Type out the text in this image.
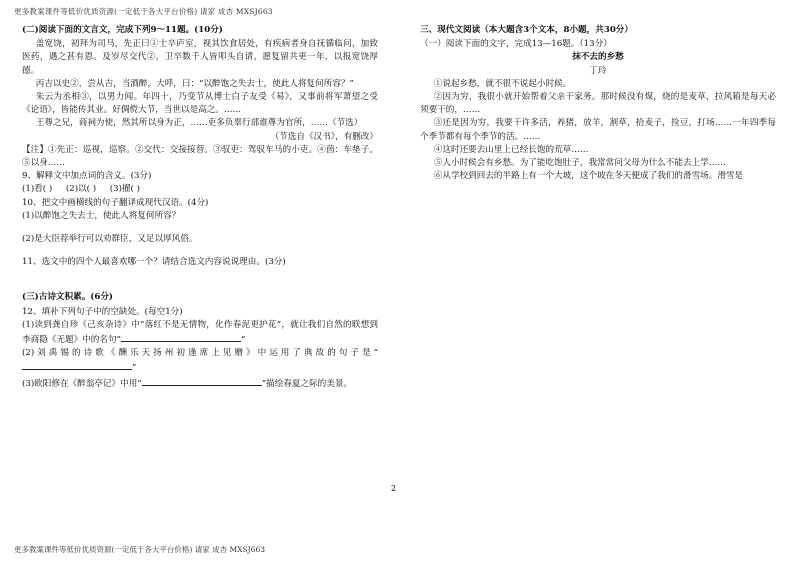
更多教案课件等低价优质资源(一定低于各大平台价格) 请家 成杏 MXSJ663

(二)阅读下面的文言文，完成下列9～11题。(10分)

盖宽饶，初拜为司马，先正曰①士卒庐室，视其饮食居处，有疾病者身自抚循临问，加致医药，遇之甚有恩。及岁尽交代②，卫卒数千人皆叩头自请，愿复留共更一年，以报宽饶厚德。

丙吉以史②，尝从吉，当酒醉，大呼，曰：“以醉饱之失去士，使此人将复何所容？”

朱云为丞相③，以男力闻。年四十，乃变节从博士白子友受《易》，又事前将军萧望之受《论语》，皆能传其业。好倜傥大节，当世以是高之。……

王尊之兄，商祠为使，然其所以身为正，……吏多负辜行部谁尊为官所，……（节选）

（节选自《汉书》，有删改）

【注】①先正：巡视，巡察。②交代：交接接替。③驭吏：驾驭车马的小吏。④茵：车垫子。⑤以身……

9、解释文中加点词的含义。(3分)

(1)看( ) (2)以( ) (3)擢( )

10、把文中画横线的句子翻译成现代汉语。(4分)

(1)以醉饱之失去士，使此人将复何所容？

(2)是大臣荐举行可以劝群臣，又足以厚风俗。

11、选文中的四个人最喜欢哪一个？请结合选文内容说说理由。(3分)

(三)古诗文积累。(6分)

12、填补下列句子中的空缺处。(每空1分)

(1)读到龚自珍《己亥杂诗》中“落红不是无情物，化作春泥更护花”，就让我们自然的联想到李商隐《无题》中的名句“	”

(2)刘禹锡的诗歌《酬乐天扬州初逢席上见赠》中运用了典故的句子是“”

(3)欧阳修在《醉翁亭记》中用“	”描绘春夏之际的美景。

三、现代文阅读（本大题含3个文本，8小题，共30分）

（一）阅读下面的文字，完成13—16题。（13分）

抹不去的乡愁

丁玲

①说起乡愁，就不很不说起小时候。

②因为穷，我很小就开始帮着父亲干家务。那时候没有煤，烧的是麦草，拉风箱是每天必须要干的，……

③还是因为穷，我要干许多活，养猪，放羊，割草，拾麦子，捡豆，打场……一年四季每个季节都有每个季节的活。……

④这时还要去山里上已经长饱的荒草……

⑤人小时候会有乡愁。为了能吃饱肚子，我常常问父母为什么不能去上学……

⑥从学校到回去的半路上有一个大坡，这个坡在冬天便成了我们的滑雪场。滑雪是

2
更多教案课件等低价优质资源(一定低于各大平台价格) 请家 成杏 MXSJ663
